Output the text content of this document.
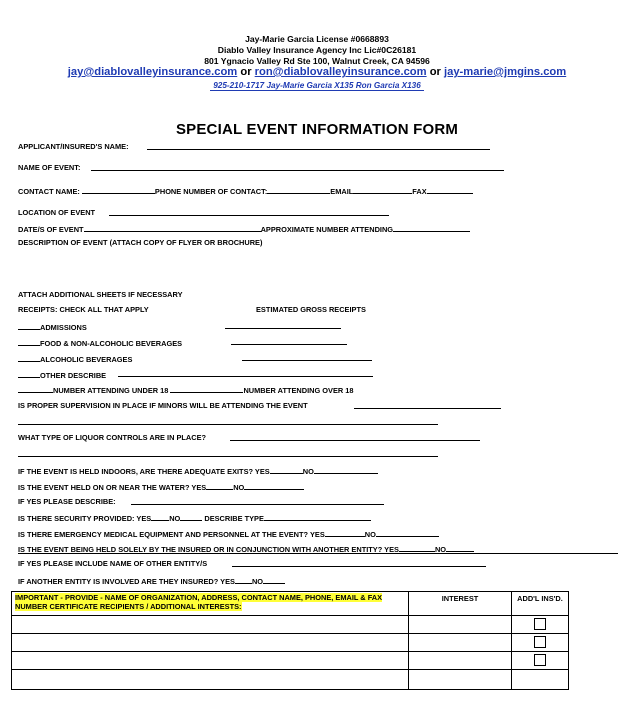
Jay-Marie Garcia License #0668893
Diablo Valley Insurance Agency Inc Lic#0C26181
801 Ygnacio Valley Rd Ste 100, Walnut Creek, CA 94596
jay@diablovalleyinsurance.com or ron@diablovalleyinsurance.com or jay-marie@jmgins.com
925-210-1717 Jay-Marie Garcia X135 Ron Garcia X136
SPECIAL EVENT INFORMATION FORM
APPLICANT/INSURED'S NAME:
NAME OF EVENT:
CONTACT NAME:	PHONE NUMBER OF CONTACT:	EMAIL	FAX
LOCATION OF EVENT
DATE/S OF EVENT	APPROXIMATE NUMBER ATTENDING
DESCRIPTION OF EVENT (ATTACH COPY OF FLYER OR BROCHURE)
ATTACH ADDITIONAL SHEETS IF NECESSARY
RECEIPTS: CHECK ALL THAT APPLY	ESTIMATED GROSS RECEIPTS
ADMISSIONS
FOOD & NON-ALCOHOLIC BEVERAGES
ALCOHOLIC BEVERAGES
OTHER DESCRIBE
NUMBER ATTENDING UNDER 18	NUMBER ATTENDING OVER 18
IS PROPER SUPERVISION IN PLACE IF MINORS WILL BE ATTENDING THE EVENT
WHAT TYPE OF LIQUOR CONTROLS ARE IN PLACE?
IF THE EVENT IS HELD INDOORS, ARE THERE ADEQUATE EXITS? YES	NO
IS THE EVENT HELD ON OR NEAR THE WATER? YES	NO
IF YES PLEASE DESCRIBE:
IS THERE SECURITY PROVIDED: YES NO	DESCRIBE TYPE
IS THERE EMERGENCY MEDICAL EQUIPMENT AND PERSONNEL AT THE EVENT? YES	NO
IS THE EVENT BEING HELD SOLELY BY THE INSURED OR IN CONJUNCTION WITH ANOTHER ENTITY? YES	NO
IF YES PLEASE INCLUDE NAME OF OTHER ENTITY/S
IF ANOTHER ENTITY IS INVOLVED ARE THEY INSURED? YES NO
IMPORTANT - PROVIDE - NAME OF ORGANIZATION, ADDRESS, CONTACT NAME, PHONE, EMAIL & FAX NUMBER CERTIFICATE RECIPIENTS / ADDITIONAL INTERESTS:	INTEREST	ADD'L INS'D.
